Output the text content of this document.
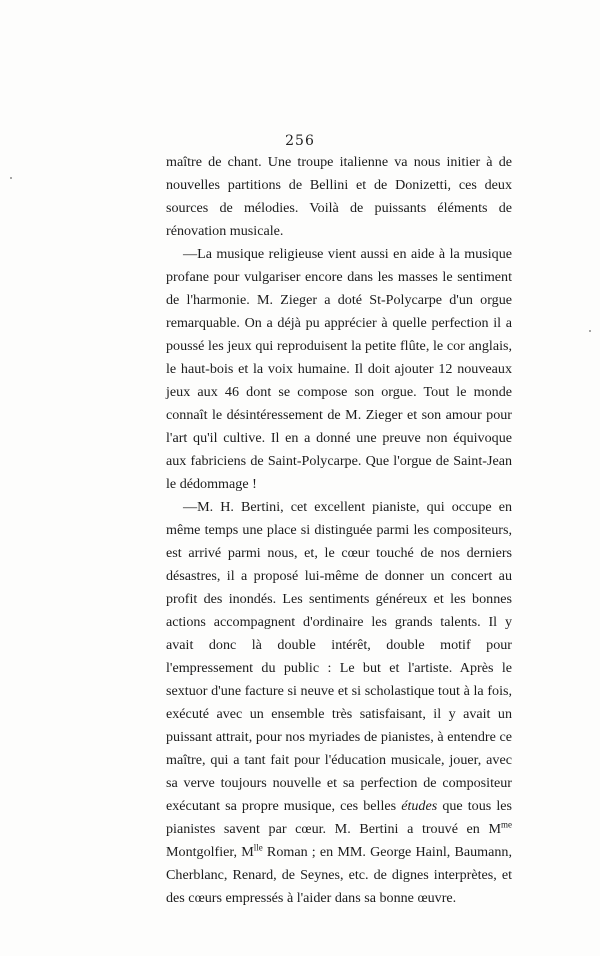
256

maître de chant. Une troupe italienne va nous initier à de nouvelles partitions de Bellini et de Donizetti, ces deux sources de mélodies. Voilà de puissants éléments de rénovation musicale.

—La musique religieuse vient aussi en aide à la musique profane pour vulgariser encore dans les masses le sentiment de l'harmonie. M. Zieger a doté St-Polycarpe d'un orgue remarquable. On a déjà pu apprécier à quelle perfection il a poussé les jeux qui reproduisent la petite flûte, le cor anglais, le haut-bois et la voix humaine. Il doit ajouter 12 nouveaux jeux aux 46 dont se compose son orgue. Tout le monde connaît le désintéressement de M. Zieger et son amour pour l'art qu'il cultive. Il en a donné une preuve non équivoque aux fabriciens de Saint-Polycarpe. Que l'orgue de Saint-Jean le dédommage !

—M. H. Bertini, cet excellent pianiste, qui occupe en même temps une place si distinguée parmi les compositeurs, est arrivé parmi nous, et, le cœur touché de nos derniers désastres, il a proposé lui-même de donner un concert au profit des inondés. Les sentiments généreux et les bonnes actions accompagnent d'ordinaire les grands talents. Il y avait donc là double intérêt, double motif pour l'empressement du public : Le but et l'artiste. Après le sextuor d'une facture si neuve et si scholastique tout à la fois, exécuté avec un ensemble très satisfaisant, il y avait un puissant attrait, pour nos myriades de pianistes, à entendre ce maître, qui a tant fait pour l'éducation musicale, jouer, avec sa verve toujours nouvelle et sa perfection de compositeur exécutant sa propre musique, ces belles études que tous les pianistes savent par cœur. M. Bertini a trouvé en $M^{me}$ Montgolfier, $M^{lle}$ Roman ; en MM. George Hainl, Baumann, Cherblanc, Renard, de Seynes, etc. de dignes interprètes, et des cœurs empressés à l'aider dans sa bonne œuvre.
